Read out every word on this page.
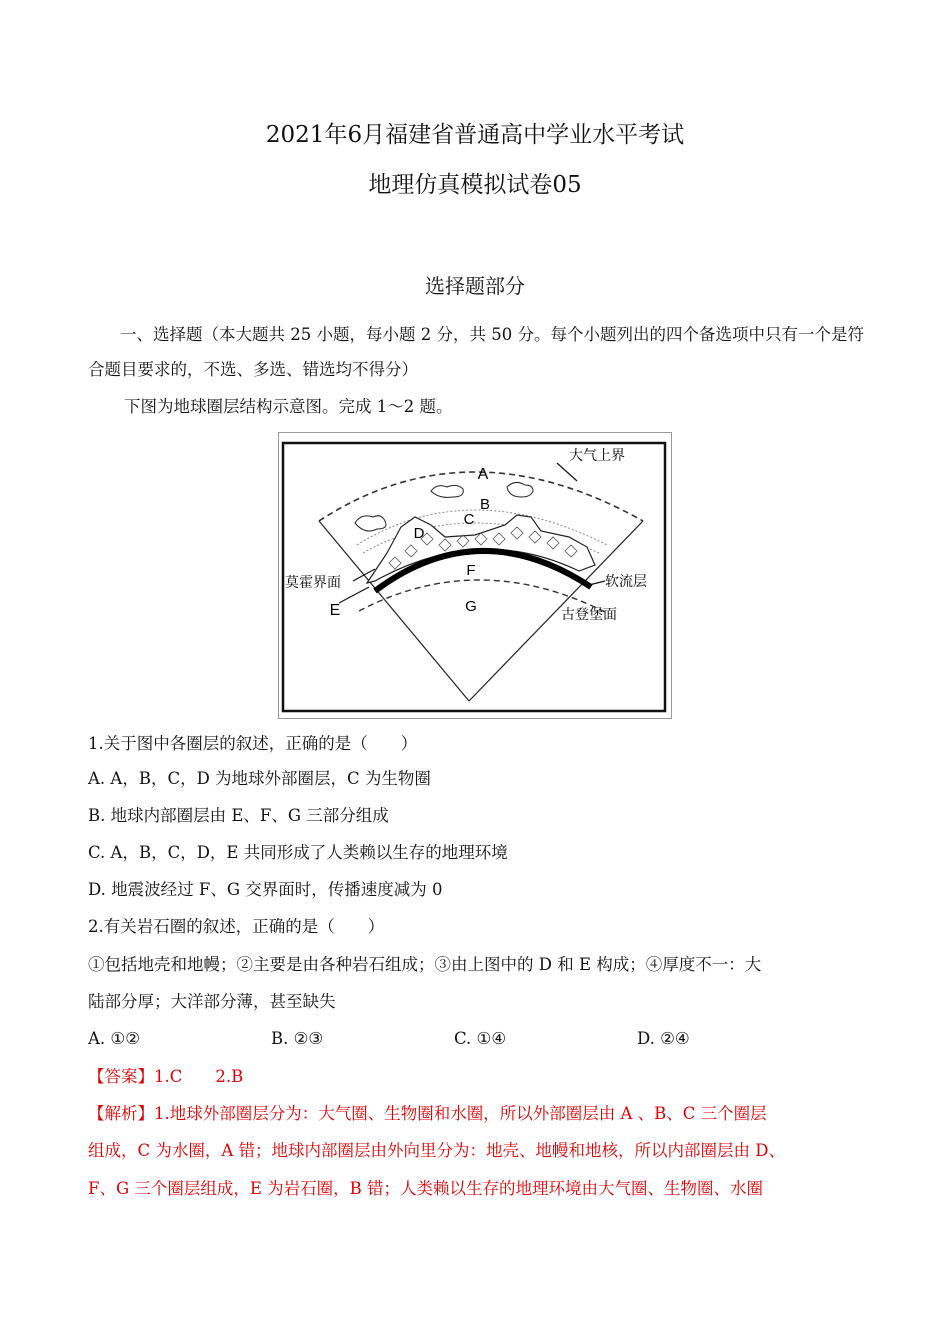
2021年6月福建省普通高中学业水平考试
地理仿真模拟试卷05
选择题部分
一、选择题（本大题共 25 小题，每小题 2 分，共 50 分。每个小题列出的四个备选项中只有一个是符
合题目要求的，不选、多选、错选均不得分）
下图为地球圈层结构示意图。完成 1～2 题。
A
B
C
D
F
G
E
大气上界
莫霍界面	软流层
古登堡面
1.关于图中各圈层的叙述，正确的是（　　）
A. A，B，C，D 为地球外部圈层，C 为生物圈
B. 地球内部圈层由 E、F、G 三部分组成
C. A，B，C，D，E 共同形成了人类赖以生存的地理环境
D. 地震波经过 F、G 交界面时，传播速度减为 0
2.有关岩石圈的叙述，正确的是（　　）
①包括地壳和地幔；②主要是由各种岩石组成；③由上图中的 D 和 E 构成；④厚度不一：大
陆部分厚；大洋部分薄，甚至缺失
A. ①②	B. ②③	C. ①④	D. ②④
【答案】1.C　　2.B
【解析】1.地球外部圈层分为：大气圈、生物圈和水圈，所以外部圈层由 A 、B、C 三个圈层
组成，C 为水圈，A 错；地球内部圈层由外向里分为：地壳、地幔和地核，所以内部圈层由 D、
F、G 三个圈层组成，E 为岩石圈，B 错；人类赖以生存的地理环境由大气圈、生物圈、水圈
